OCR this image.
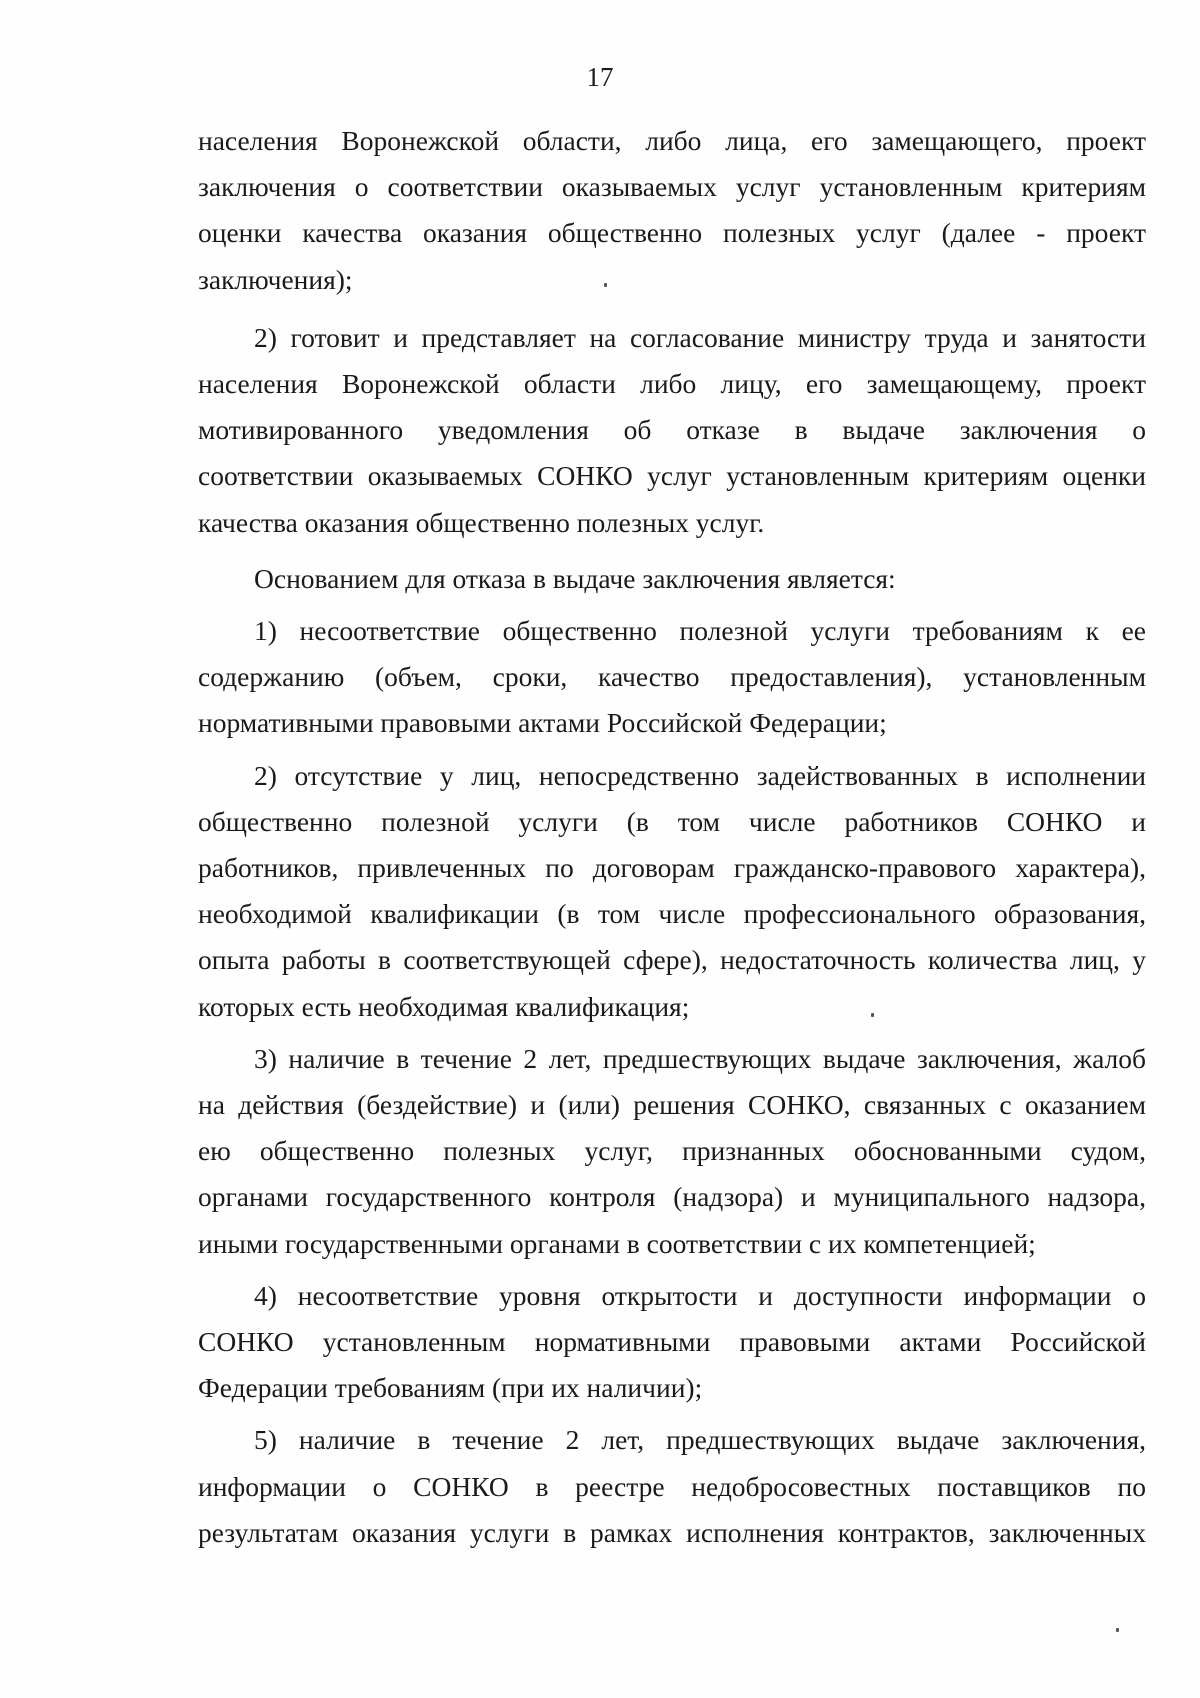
17
населения Воронежской области, либо лица, его замещающего, проект
заключения о соответствии оказываемых услуг установленным критериям
оценки качества оказания общественно полезных услуг (далее - проект
заключения);
2) готовит и представляет на согласование министру труда и занятости
населения Воронежской области либо лицу, его замещающему, проект
мотивированного уведомления об отказе в выдаче заключения о
соответствии оказываемых СОНКО услуг установленным критериям оценки
качества оказания общественно полезных услуг.
Основанием для отказа в выдаче заключения является:
1) несоответствие общественно полезной услуги требованиям к ее
содержанию (объем, сроки, качество предоставления), установленным
нормативными правовыми актами Российской Федерации;
2) отсутствие у лиц, непосредственно задействованных в исполнении
общественно полезной услуги (в том числе работников СОНКО и
работников, привлеченных по договорам гражданско-правового характера),
необходимой квалификации (в том числе профессионального образования,
опыта работы в соответствующей сфере), недостаточность количества лиц, у
которых есть необходимая квалификация;
3) наличие в течение 2 лет, предшествующих выдаче заключения, жалоб
на действия (бездействие) и (или) решения СОНКО, связанных с оказанием
ею общественно полезных услуг, признанных обоснованными судом,
органами государственного контроля (надзора) и муниципального надзора,
иными государственными органами в соответствии с их компетенцией;
4) несоответствие уровня открытости и доступности информации о
СОНКО установленным нормативными правовыми актами Российской
Федерации требованиям (при их наличии);
5) наличие в течение 2 лет, предшествующих выдаче заключения,
информации о СОНКО в реестре недобросовестных поставщиков по
результатам оказания услуги в рамках исполнения контрактов, заключенных
